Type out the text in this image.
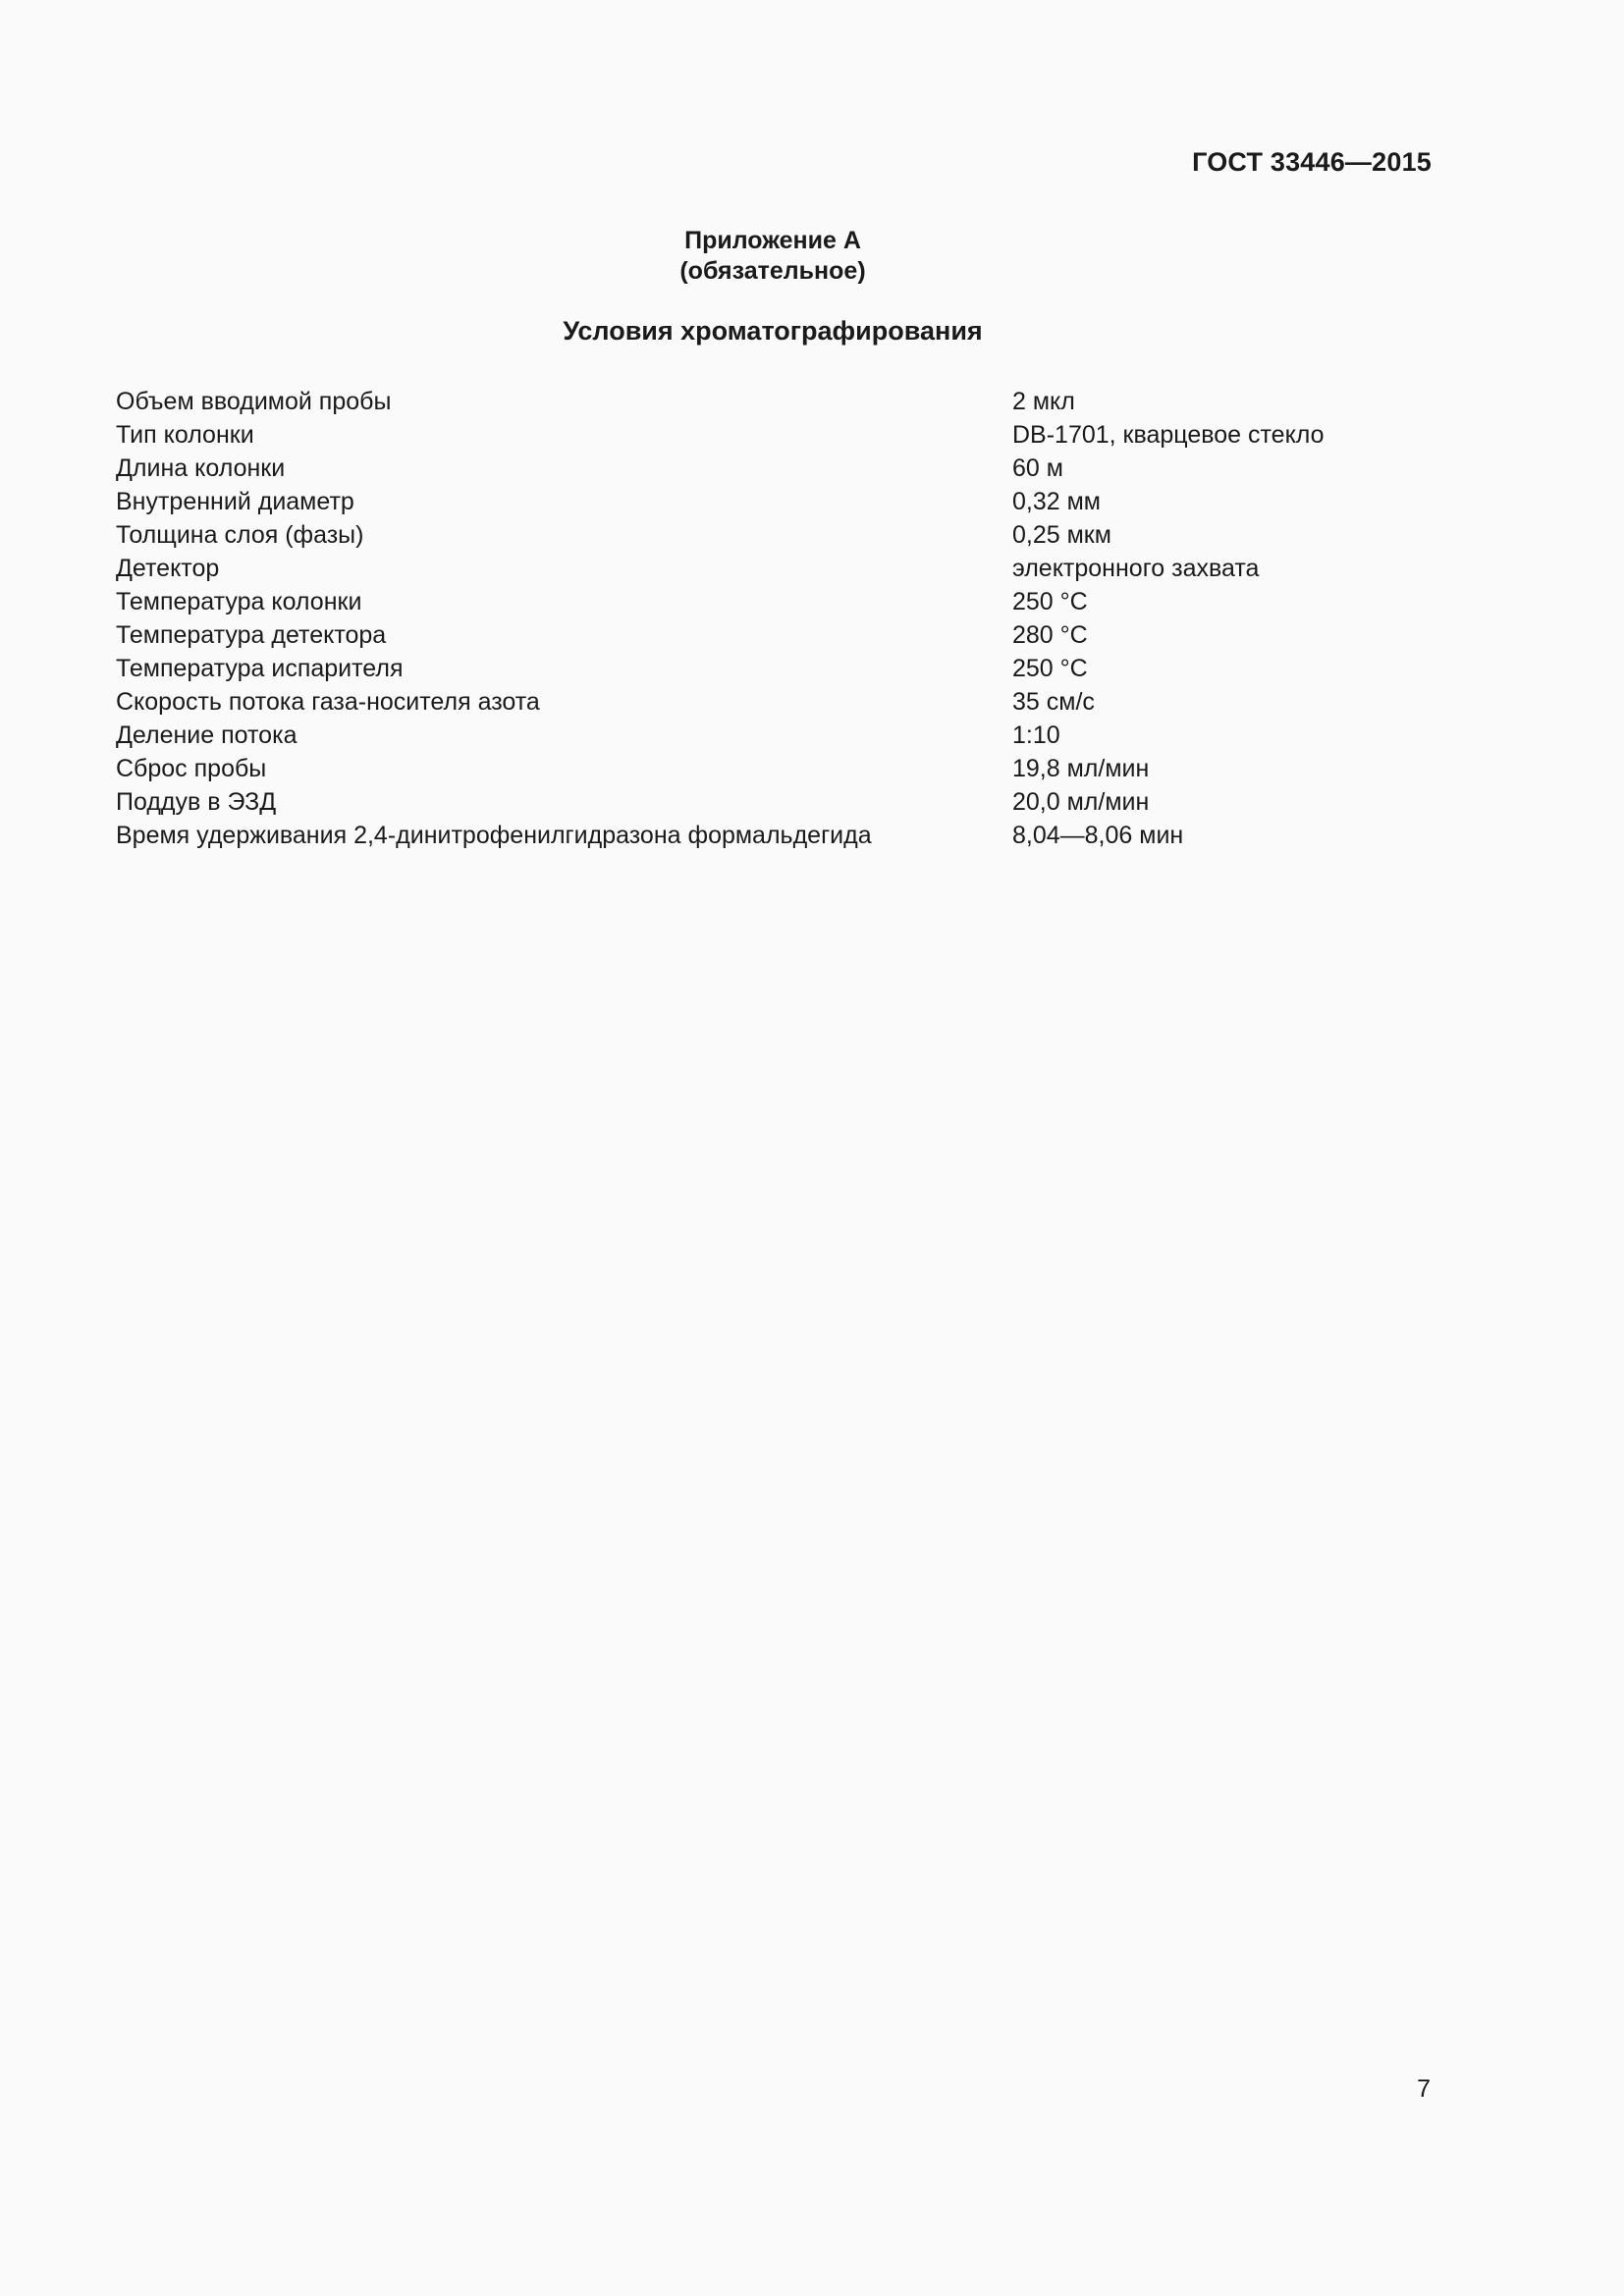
ГОСТ 33446—2015
Приложение А
(обязательное)
Условия хроматографирования
Объем вводимой пробы	2 мкл
Тип колонки	DB-1701, кварцевое стекло
Длина колонки	60 м
Внутренний диаметр	0,32 мм
Толщина слоя (фазы)	0,25 мкм
Детектор	электронного захвата
Температура колонки	250 °С
Температура детектора	280 °С
Температура испарителя	250 °С
Скорость потока газа-носителя азота	35 см/с
Деление потока	1:10
Сброс пробы	19,8 мл/мин
Поддув в ЭЗД	20,0 мл/мин
Время удерживания 2,4-динитрофенилгидразона формальдегида	8,04—8,06 мин
7
